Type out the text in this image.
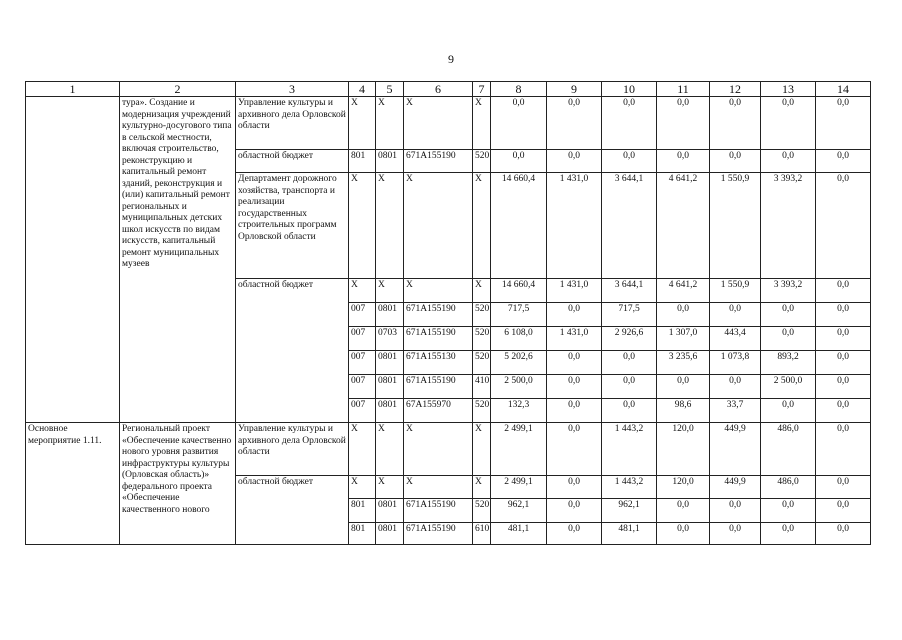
9
1	2	3	4	5	6	7	8	9	10	11	12	13	14
	тура». Создание и модернизация учреждений культурно-досугового типа в сельской местности, включая строительство, реконструкцию и капитальный ремонт зданий, реконструкция и (или) капитальный ремонт региональных и муниципальных детских школ искусств по видам искусств, капитальный ремонт муниципальных музеев	Управление культуры и архивного дела Орловской области	Х	Х	Х	Х	0,0	0,0	0,0	0,0	0,0	0,0	0,0
		областной бюджет	801	0801	671A155190	520	0,0	0,0	0,0	0,0	0,0	0,0	0,0
		Департамент дорожного хозяйства, транспорта и реализации государственных строительных программ Орловской области	Х	Х	Х	Х	14 660,4	1 431,0	3 644,1	4 641,2	1 550,9	3 393,2	0,0
		областной бюджет	Х	Х	Х	Х	14 660,4	1 431,0	3 644,1	4 641,2	1 550,9	3 393,2	0,0
			007	0801	671A155190	520	717,5	0,0	717,5	0,0	0,0	0,0	0,0
			007	0703	671A155190	520	6 108,0	1 431,0	2 926,6	1 307,0	443,4	0,0	0,0
			007	0801	671A155130	520	5 202,6	0,0	0,0	3 235,6	1 073,8	893,2	0,0
			007	0801	671A155190	410	2 500,0	0,0	0,0	0,0	0,0	2 500,0	0,0
			007	0801	67A155970	520	132,3	0,0	0,0	98,6	33,7	0,0	0,0
Основное мероприятие 1.11.	Региональный проект «Обеспечение качественно нового уровня развития инфраструктуры культуры (Орловская область)» федерального проекта «Обеспечение качественного нового	Управление культуры и архивного дела Орловской области	Х	Х	Х	Х	2 499,1	0,0	1 443,2	120,0	449,9	486,0	0,0
		областной бюджет	Х	Х	Х	Х	2 499,1	0,0	1 443,2	120,0	449,9	486,0	0,0
			801	0801	671A155190	520	962,1	0,0	962,1	0,0	0,0	0,0	0,0
			801	0801	671A155190	610	481,1	0,0	481,1	0,0	0,0	0,0	0,0
